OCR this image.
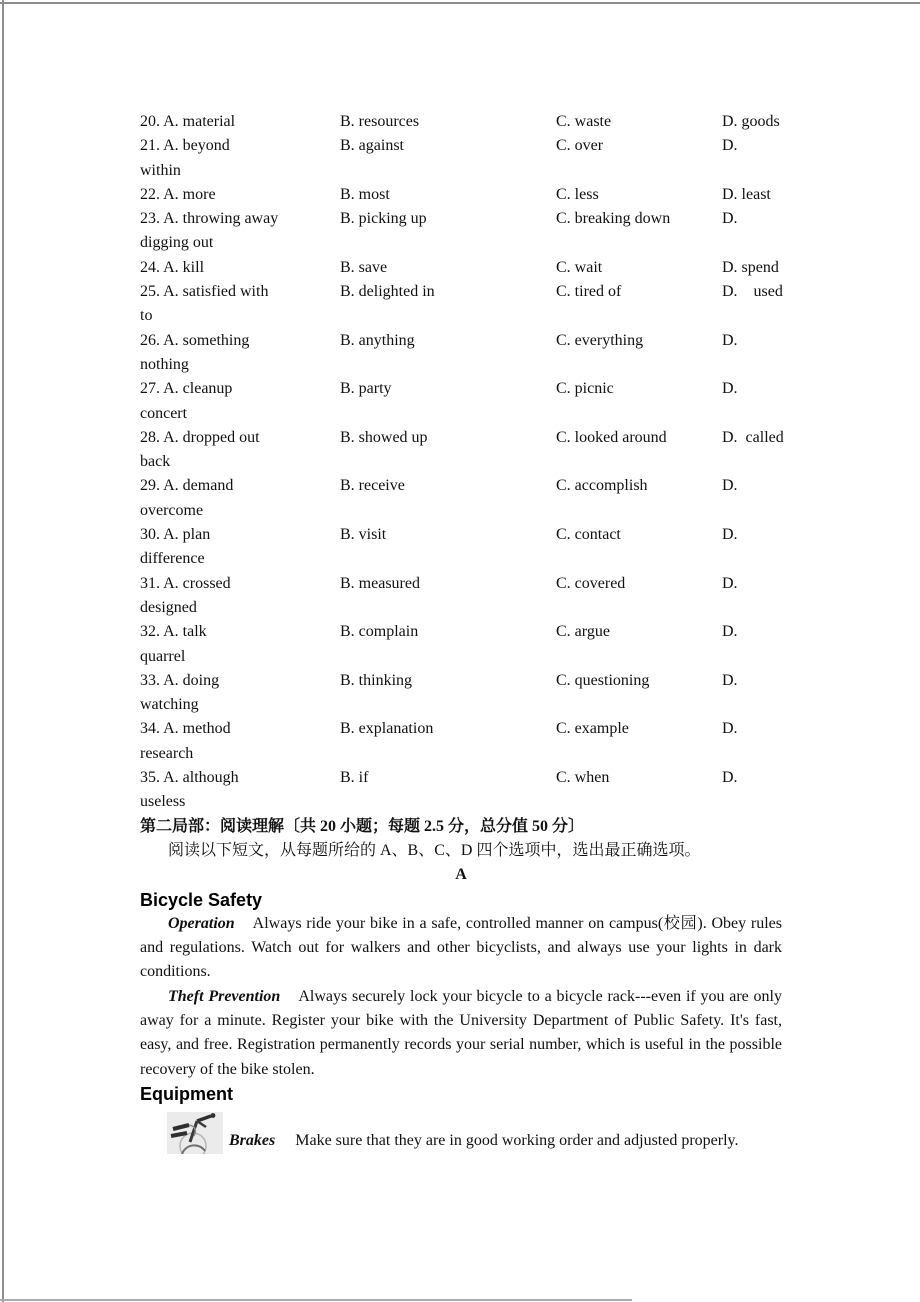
20. A. material	B. resources	C. waste	D. goods
21. A. beyond	B. against	C. over	D.
within
22. A. more	B. most	C. less	D. least
23. A. throwing away	B. picking up	C. breaking down	D.
digging out
24. A. kill	B. save	C. wait	D. spend
25. A. satisfied with	B. delighted in	C. tired of	D.    used
to
26. A. something	B. anything	C. everything	D.
nothing
27. A. cleanup	B. party	C. picnic	D.
concert
28. A. dropped out	B. showed up	C. looked around	D.  called
back
29. A. demand	B. receive	C. accomplish	D.
overcome
30. A. plan	B. visit	C. contact	D.
difference
31. A. crossed	B. measured	C. covered	D.
designed
32. A. talk	B. complain	C. argue	D.
quarrel
33. A. doing	B. thinking	C. questioning	D.
watching
34. A. method	B. explanation	C. example	D.
research
35. A. although	B. if	C. when	D.
useless
第二局部：阅读理解〔共 20 小题；每题 2.5 分，总分值 50 分〕
阅读以下短文，从每题所给的 A、B、C、D 四个选项中，选出最正确选项。
A
Bicycle Safety
Operation Always ride your bike in a safe, controlled manner on campus(校园). Obey rules and regulations. Watch out for walkers and other bicyclists, and always use your lights in dark conditions.
Theft Prevention Always securely lock your bicycle to a bicycle rack---even if you are only away for a minute. Register your bike with the University Department of Public Safety. It's fast, easy, and free. Registration permanently records your serial number, which is useful in the possible recovery of the bike stolen.
Equipment
Brakes Make sure that they are in good working order and adjusted properly.
